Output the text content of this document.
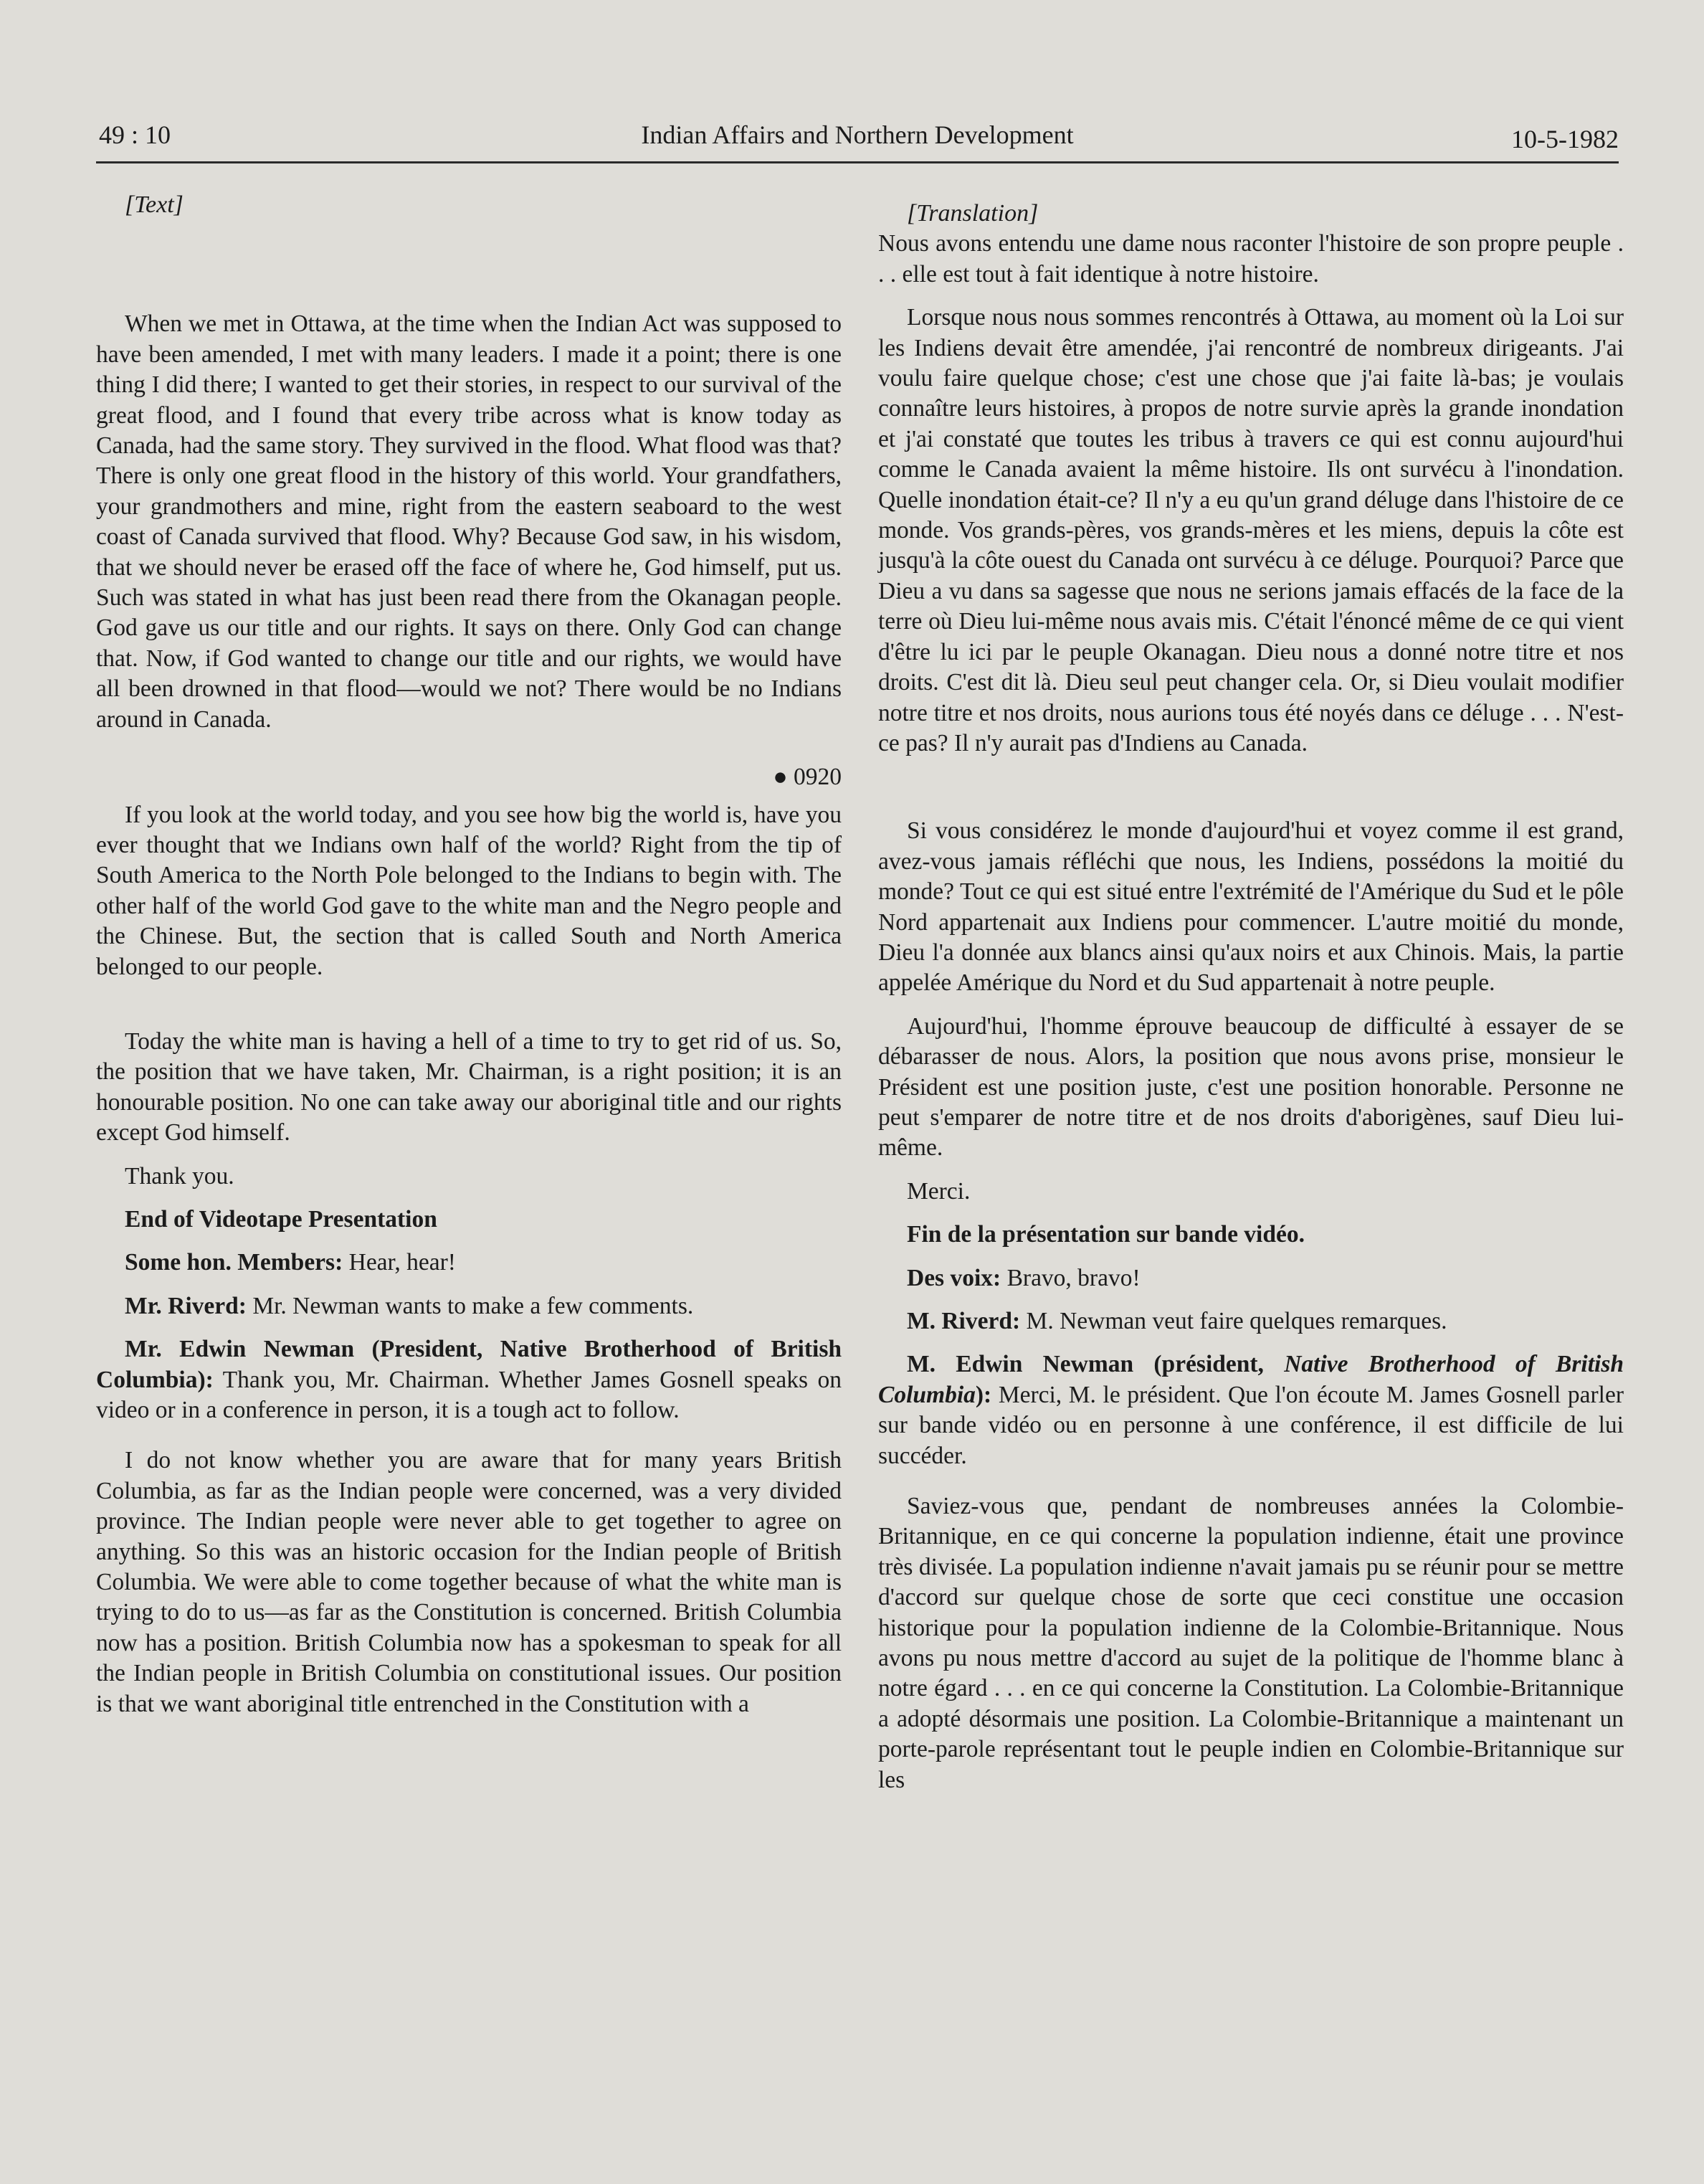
49 : 10	Indian Affairs and Northern Development	10-5-1982

[Text]

When we met in Ottawa, at the time when the Indian Act was supposed to have been amended, I met with many leaders. I made it a point; there is one thing I did there; I wanted to get their stories, in respect to our survival of the great flood, and I found that every tribe across what is know today as Canada, had the same story. They survived in the flood. What flood was that? There is only one great flood in the history of this world. Your grandfathers, your grandmothers and mine, right from the eastern seaboard to the west coast of Canada survived that flood. Why? Because God saw, in his wisdom, that we should never be erased off the face of where he, God himself, put us. Such was stated in what has just been read there from the Okanagan people. God gave us our title and our rights. It says on there. Only God can change that. Now, if God wanted to change our title and our rights, we would have all been drowned in that flood—would we not? There would be no Indians around in Canada.

● 0920

If you look at the world today, and you see how big the world is, have you ever thought that we Indians own half of the world? Right from the tip of South America to the North Pole belonged to the Indians to begin with. The other half of the world God gave to the white man and the Negro people and the Chinese. But, the section that is called South and North America belonged to our people.

Today the white man is having a hell of a time to try to get rid of us. So, the position that we have taken, Mr. Chairman, is a right position; it is an honourable position. No one can take away our aboriginal title and our rights except God himself.

Thank you.

End of Videotape Presentation

Some hon. Members: Hear, hear!

Mr. Riverd: Mr. Newman wants to make a few comments.

Mr. Edwin Newman (President, Native Brotherhood of British Columbia): Thank you, Mr. Chairman. Whether James Gosnell speaks on video or in a conference in person, it is a tough act to follow.

I do not know whether you are aware that for many years British Columbia, as far as the Indian people were concerned, was a very divided province. The Indian people were never able to get together to agree on anything. So this was an historic occasion for the Indian people of British Columbia. We were able to come together because of what the white man is trying to do to us—as far as the Constitution is concerned. British Columbia now has a position. British Columbia now has a spokesman to speak for all the Indian people in British Columbia on constitutional issues. Our position is that we want aboriginal title entrenched in the Constitution with a

[Translation]

Nous avons entendu une dame nous raconter l'histoire de son propre peuple . . . elle est tout à fait identique à notre histoire.

Lorsque nous nous sommes rencontrés à Ottawa, au moment où la Loi sur les Indiens devait être amendée, j'ai rencontré de nombreux dirigeants. J'ai voulu faire quelque chose; c'est une chose que j'ai faite là-bas; je voulais connaître leurs histoires, à propos de notre survie après la grande inondation et j'ai constaté que toutes les tribus à travers ce qui est connu aujourd'hui comme le Canada avaient la même histoire. Ils ont survécu à l'inondation. Quelle inondation était-ce? Il n'y a eu qu'un grand déluge dans l'histoire de ce monde. Vos grands-pères, vos grands-mères et les miens, depuis la côte est jusqu'à la côte ouest du Canada ont survécu à ce déluge. Pourquoi? Parce que Dieu a vu dans sa sagesse que nous ne serions jamais effacés de la face de la terre où Dieu lui-même nous avais mis. C'était l'énoncé même de ce qui vient d'être lu ici par le peuple Okanagan. Dieu nous a donné notre titre et nos droits. C'est dit là. Dieu seul peut changer cela. Or, si Dieu voulait modifier notre titre et nos droits, nous aurions tous été noyés dans ce déluge . . . N'est-ce pas? Il n'y aurait pas d'Indiens au Canada.

Si vous considérez le monde d'aujourd'hui et voyez comme il est grand, avez-vous jamais réfléchi que nous, les Indiens, possédons la moitié du monde? Tout ce qui est situé entre l'extrémité de l'Amérique du Sud et le pôle Nord appartenait aux Indiens pour commencer. L'autre moitié du monde, Dieu l'a donnée aux blancs ainsi qu'aux noirs et aux Chinois. Mais, la partie appelée Amérique du Nord et du Sud appartenait à notre peuple.

Aujourd'hui, l'homme éprouve beaucoup de difficulté à essayer de se débarasser de nous. Alors, la position que nous avons prise, monsieur le Président est une position juste, c'est une position honorable. Personne ne peut s'emparer de notre titre et de nos droits d'aborigènes, sauf Dieu lui-même.

Merci.

Fin de la présentation sur bande vidéo.

Des voix: Bravo, bravo!

M. Riverd: M. Newman veut faire quelques remarques.

M. Edwin Newman (président, Native Brotherhood of British Columbia): Merci, M. le président. Que l'on écoute M. James Gosnell parler sur bande vidéo ou en personne à une conférence, il est difficile de lui succéder.

Saviez-vous que, pendant de nombreuses années la Colombie-Britannique, en ce qui concerne la population indienne, était une province très divisée. La population indienne n'avait jamais pu se réunir pour se mettre d'accord sur quelque chose de sorte que ceci constitue une occasion historique pour la population indienne de la Colombie-Britannique. Nous avons pu nous mettre d'accord au sujet de la politique de l'homme blanc à notre égard . . . en ce qui concerne la Constitution. La Colombie-Britannique a adopté désormais une position. La Colombie-Britannique a maintenant un porte-parole représentant tout le peuple indien en Colombie-Britannique sur les
